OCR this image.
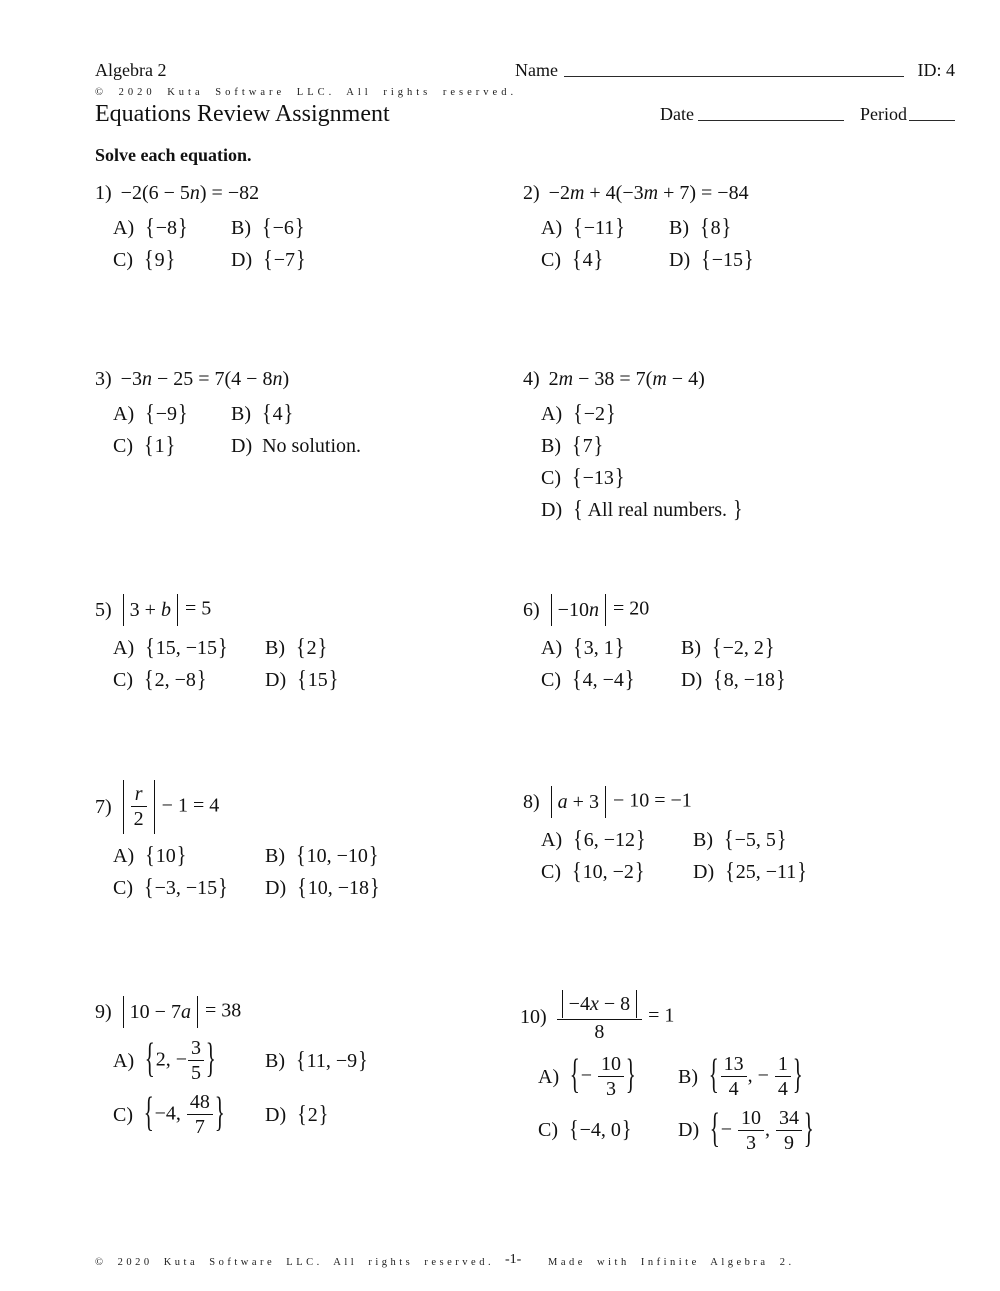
Algebra 2	Name	ID: 4
© 2020 Kuta Software LLC. All rights reserved.
Equations Review Assignment	Date	Period
Solve each equation.
1) −2(6 − 5n) = −82
A) {−8} B) {−6}
C) {9}	D) {−7}
2) −2m + 4(−3m + 7) = −84
A) {−11} B) {8}
C) {4}	D) {−15}
3) −3n − 25 = 7(4 − 8n)
A) {−9} B) {4}
C) {1}	D) No solution.
4) 2m − 38 = 7(m − 4)
A) {−2}
B) {7}
C) {−13}
D) { All real numbers. }
5) 3 + b = 5
A) {15, −15} B) {2}
C) {2, −8}	D) {15}
6) −10n = 20
A) {3, 1}	B) {−2, 2}
C) {4, −4} D) {8, −18}
$7) \frac{r}{2} - 1 = 4$
A) {10}	B) {10, −10}
C) {−3, −15} D) {10, −18}
8) a + 3 − 10 = −1
A) {6, −12} B) {−5, 5}
C) {10, −2} D) {25, −11}
9) 10 − 7a = 38
A) {2, − $\frac{3}{5}$ } B) {11, −9}
C) {−4, $\frac{48}{7}$ } D) {2}
$10) \frac{-4x - 8}{8} = 1$
A) {− $\frac{10}{3}$ } B) { $\frac{13}{4}$ , − $\frac{1}{4}$ }
C) {−4, 0} D) {− $\frac{10}{3}$ , $\frac{34}{9}$ }
© 2020 Kuta Software LLC. All rights reserved. -1-	Made with Infinite Algebra 2.
